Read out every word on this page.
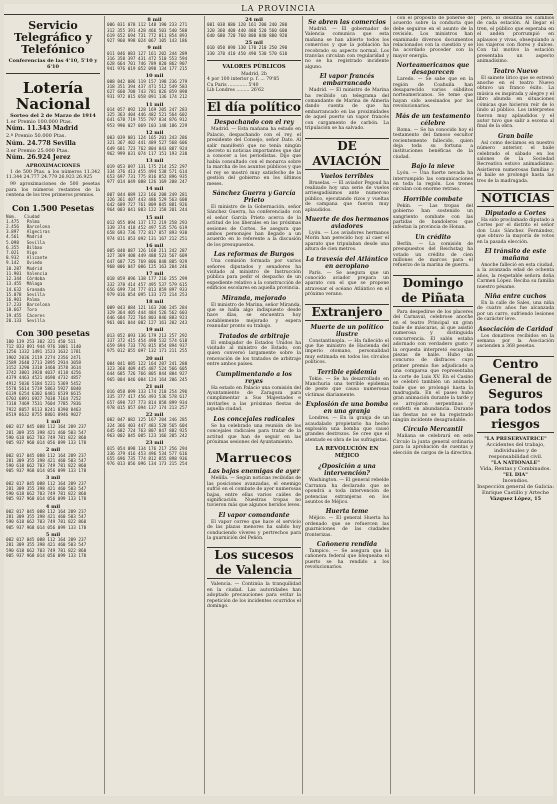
LA PROVINCIA
Servicio Telegráfico y Telefónico
Conferencias de las 4'10, 5'10 y 6'10
Lotería Nacional
Sorteo del 2 de Marzo de 1914
1.er Premio 100.000 Ptas.
Núm. 11.343 Madrid
2.º Premio 50.000 Ptas.
Núm. 24.778 Sevilla
3.er Premio 25.000 Ptas.
Núm. 26.924 Jerez
APROXIMACIONES

1 de 500 Ptas. a los números 11.342 11.344 24.777 24.779 26.923 26.925

99 aproximaciones de 500 pesetas para los números restantes de la centena de los tres primeros premios.

Con 1.500 Pesetas
Núm.   Ciudad
1.475   Palma
2.456   Barcelona
3.897   Algeciras
4.561   Madrid
5.098   Sevilla
6.355   Bilbao
7.021   Vigo
8.932   Alicante
9.142   Oviedo
10.287  Madrid
11.901  Valencia
12.344  Córdoba
13.455  Málaga
14.632  Granada
15.078  Sevilla
16.901  Palma
17.233  Barcelona
18.667  Toro
19.455  Cáceres
20.133  Sevilla
Con 300 pesetas
100 139 253 302 321 450 511
712 833 891 944 976 1001 1140
1256 1332 1491 1523 1632 1781
1902 2036 2119 2274 2356 2471
2589 2640 2713 2895 2934 3058
3152 3290 3318 3460 3578 3614
3742 3801 3928 4037 4118 4256
4379 4463 4521 4690 4732 4857
4912 5036 5184 5221 5369 5452
5578 5614 5739 5863 5927 6040
6139 6254 6302 6481 6539 6615
6703 6891 6927 7038 7164 7252
7318 7469 7531 7604 7785 7836
7922 8057 8113 8241 8390 8463
8519 8632 8755 8801 8946 9027
1 mil
002 017 045 088 112 164 209 237
281 309 355 398 421 460 503 547
590 618 662 703 749 781 822 860
905 937 968 014 056 099 133 178
2 mil
002 017 045 088 112 164 209 237
281 309 355 398 421 460 503 547
590 618 662 703 749 781 822 860
905 937 968 014 056 099 133 178
3 mil
002 017 045 088 112 164 209 237
281 309 355 398 421 460 503 547
590 618 662 703 749 781 822 860
905 937 968 014 056 099 133 178
4 mil
002 017 045 088 112 164 209 237
281 309 355 398 421 460 503 547
590 618 662 703 749 781 822 860
905 937 968 014 056 099 133 178
5 mil
002 017 045 088 112 164 209 237
281 309 355 398 421 460 503 547
590 618 662 703 749 781 822 860
905 937 968 014 056 099 133 178
8 mil
006 031 078 112 148 190 233 271
312 355 391 428 466 503 540 588
619 652 694 731 772 811 854 893
927 960 998 024 067 105 143 186
9 mil
011 046 083 127 161 202 244 289
316 358 397 431 472 510 553 594
628 664 701 746 789 820 862 907
941 976 019 052 098 134 177 215
10 mil
008 042 086 119 157 198 236 279
318 351 394 437 471 512 549 583
627 660 708 743 781 826 859 898
931 972 015 058 091 136 174 212
11 mil
014 057 092 128 169 205 247 283
325 363 404 446 482 521 564 602
641 678 719 755 797 834 876 912
953 990 027 069 103 148 186 229
12 mil
003 039 081 124 165 201 243 286
321 367 402 441 489 527 568 606
649 681 723 762 804 843 887 924
962 999 031 074 117 151 193 238
13 mil
019 053 097 131 175 214 252 297
334 376 413 455 494 538 571 614
653 697 731 775 816 852 896 935
977 014 049 088 126 169 208 247
14 mil
007 044 089 123 166 208 249 281
326 361 407 443 486 529 563 608
642 689 727 761 809 845 881 926
964 003 041 083 122 158 201 244
15 mil
012 055 094 137 172 219 258 293
339 374 418 452 497 535 576 619
658 693 736 772 817 857 893 938
974 011 053 092 131 167 212 251
16 mil
005 048 087 126 168 211 242 287
327 369 408 449 488 523 567 609
647 687 725 769 806 848 885 929
968 006 047 086 125 163 204 246
17 mil
018 059 096 138 177 216 255 299
332 378 414 457 495 537 579 615
656 699 734 777 813 859 897 933
979 016 054 095 133 172 214 253
18 mil
009 043 084 121 163 206 245 284
329 364 405 444 484 526 562 603
646 684 722 764 803 846 883 923
961 001 044 082 127 161 202 243
19 mil
013 052 093 136 179 213 257 292
337 372 415 454 498 532 574 618
659 694 733 776 815 854 894 937
975 012 055 097 132 171 211 255
20 mil
004 041 085 122 164 207 241 288
323 368 409 445 487 524 566 605
644 685 726 766 805 844 884 927
965 004 046 084 124 164 206 245
21 mil
016 058 099 133 174 218 254 296
335 377 417 456 493 536 578 617
657 698 737 773 814 858 899 934
978 015 057 094 137 174 213 257
22 mil
002 047 082 125 167 204 246 285
324 366 403 447 483 528 565 604
645 682 724 763 807 847 882 925
963 002 045 085 123 166 205 242
23 mil
015 054 098 134 176 217 256 294
336 379 416 453 496 534 577 616
655 696 735 774 812 855 898 936
976 013 056 096 134 173 215 254
24 mil
001 038 080 120 161 200 240 280
320 360 400 440 480 520 560 600
640 680 720 760 800 840 880 920
25 mil
010 050 090 130 170 210 250 290
330 370 410 450 490 530 570 610
VALORES PÚBLICOS
Madrid, 2b
4 por 100 interior p. f. ... 79'85
Cu Paris ............. 5'40
Lib Londres ......... 26'62
El día político
Despachando con el rey

Madrid. — Esta mañana ha estado en Palacio, despachando con el rey, el presidente del Consejo, señor Dato. Al salir manifestó que no tenía ningún decreto ni noticias importantes que dar a conocer a los periodistas. Dijo que había consultado con el monarca sobre la marcha de los asuntos públicos y que el rey se mostró muy satisfecho de la gestión del gobierno en los últimos meses.

Sánchez Guerra y García Prieto

El ministro de la Gobernación, señor Sánchez Guerra, ha conferenciado con el señor García Prieto acerca de la actitud de los liberales en las próximas sesiones de Cortes. Se asegura que ambos personajes han llegado a un acuerdo en lo referente a la discusión de los presupuestos.

Las reformas de Burgos

Una comisión formada por varios señores diputados y senadores ha visitado al ministro de Instrucción pública para pedir el despacho de un expediente relativo a la construcción de edificios escolares en aquella provincia.

Miranda, mejorado

El ministro de Marina, señor Miranda, que se halla algo indispuesto desde hace días, se encuentra hoy notablemente mejorado y espera reanudar pronto su trabajo.

Tratados de arbitraje

El embajador de Estados Unidos ha visitado al ministro de Estado, con quien conversó largamente sobre la renovación de los tratados de arbitraje entre ambos países.

Cumplimentando a los reyes

Ha estado en Palacio una comisión del Ayuntamiento de Zaragoza para cumplimentar a Sus Majestades e invitarles a las próximas fiestas de aquella ciudad.

Los concejales radicales

Se ha celebrado una reunión de los concejales radicales para tratar de la actitud que han de seguir en las próximas sesiones del Ayuntamiento.

Marruecos
Las bajas enemigas de ayer

Melilla. — Según noticias recibidas de las posiciones avanzadas, el enemigo sufrió en el combate de ayer numerosas bajas, entre ellas varios caídes de significación. Nuestras tropas no tuvieron más que algunos heridos leves.

El vapor comandante

El vapor correo que hace el servicio de las plazas menores ha salido hoy conduciendo víveres y pertrechos para la guarnición del Peñón.

Los sucesos de Valencia

Valencia. — Continúa la tranquilidad en la ciudad. Las autoridades han adoptado precauciones para evitar la repetición de los incidentes ocurridos el domingo.

Se abren las comercios

Madrid. — El gobernador de Valencia comunica que esta mañana se han abierto todos los comercios y que la población ha recobrado su aspecto normal. Los tranvías circulan con regularidad y no se ha registrado incidente alguno.

El vapor francés embarrancado

Madrid. — El ministro de Marina ha recibido un telegrama del comandante de Marina de Almería dando cuenta de que ha embarrancado en las proximidades de aquel puerto un vapor francés con cargamento de carbón. La tripulación se ha salvado.

DE AVIACIÓN
Vuelos terribles

Bruselas. — El aviador Pegoud ha realizado hoy una serie de vuelos arriesgadísimos ante numeroso público, ejecutando rizos y vueltas de campana que fueron muy aplaudidos.

Muerte de dos hermanos aviadores

Lyón. — Los aviadores hermanos Morin han perecido hoy al caer el aparato que tripulaban desde una altura de cien metros.

La travesía del Atlántico en aeroplano

París. — Se asegura que un conocido aviador prepara un aparato con el que se propone atravesar el océano Atlántico en el próximo verano.

Extranjero
Muerte de un político ilustre

Constantinopla. — Ha fallecido el que fue ministro de Hacienda del imperio otomano, personalidad muy estimada en todos los círculos políticos.

Terrible epidemia

Tokio. — Se ha desarrollado en Manchuria una terrible epidemia de peste que causa numerosas víctimas diariamente.

Explosión de una bomba en una granja

Londres. — En la granja de un acaudalado propietario ha hecho explosión una bomba que causó grandes destrozos. Se cree que el atentado es obra de las sufragistas.

LA REVOLUCIÓN EN MÉJICO
¿Oposición a una intervención?

Washington. — El general rebelde Carranza ha declarado que se opondrá a toda intervención de potencias extranjeras en los asuntos de Méjico.

Huerta teme

Méjico. — El general Huerta ha ordenado que se refuercen las guarniciones de las ciudades fronterizas.

Cañonera rendida

Tampico. — Se asegura que la cañonera federal que bloqueaba el puerto se ha rendido a los revolucionarios.

con el propósito de ponerse de acuerdo sobre la conducta que debe seguirse en el asunto de la revisión. Los ministros han examinado diversos documentos relacionados con la cuestión y se ha acordado proceder con la mayor energía.

Norteamericanos que desaparecen

Laredo. — Se sabe que en la región de Coahuila han desaparecido varios súbditos norteamericanos. Se teme que hayan sido asesinados por los revolucionarios.

Más de un testamento célebre

Roma. — Se ha conocido hoy el testamento del famoso escultor recientemente fallecido, quien deja toda su fortuna a instituciones benéficas de la ciudad.

Bajo la nieve

Lyón. — Una fuerte nevada ha interrumpido las comunicaciones en toda la región. Los trenes circulan con enorme retraso.

Horrible combate

Pekín. — Las tropas del gobierno han sostenido un sangriento combate con las partidas de bandoleros que infestan la provincia de Honan.

Un crédito

Berlín. — La comisión de presupuestos del Reichstag ha votado un crédito de cien millones de marcos para el refuerzo de la marina de guerra.

Domingo de Piñata

Para despedirse de los placeres del Carnaval, celebrose anoche en el teatro Principal un gran baile de máscaras, al que asistió numerosa y distinguida concurrencia. El salón estaba adornado con verdadero gusto y la orquesta interpretó escogidas piezas de baile. Hubo un concurso de disfraces cuyo primer premio fue adjudicado a una comparsa que representaba la corte de Luis XV. En el Casino se celebró también un animado baile que se prolongó hasta la madrugada. En el paseo hubo gran animación durante la tarde y se arrojaron serpentinas y confetti en abundancia. Durante las fiestas no se ha registrado ningún incidente desagradable.

Círculo Mercantil

Mañana se celebrará en este Círculo la junta general ordinaria para la aprobación de cuentas y elección de cargos de la directiva.

pero, lo desafina los cambios de cada estación. Al llegar el tren, el público que esperaba en el andén prorrumpió en aplausos y vivas, obsequiando a los viajeros con flores y dulces. Con tal motivo la estación presentaba un aspecto animadísimo.

Teatro Nuevo

El sainete lírico que se estrenó anoche en el teatro Nuevo obtuvo un franco éxito. La música es inspirada y alegre y el libro abunda en situaciones cómicas que hicieron reír de lo lindo al público. Los intérpretes fueron muy aplaudidos y el autor tuvo que salir a escena al final de la obra.

Gran baile

Así como decíamos en nuestro número anterior, el baile celebrado el sábado en los salones de la Sociedad Recreativa estuvo animadísimo. Asistieron numerosas familias y el baile se prolongó hasta las tres de la madrugada.

NOTICIAS
Diputado a Cortes

Ha sido proclamado diputado a Cortes por el distrito el señor don Luis Sánchez Fernández, que obtuvo la mayoría de votos en la pasada elección.

El tránsito de este mañana

Anoche falleció en esta ciudad, a la avanzada edad de ochenta años, la respetable señora doña Carmen López. Reciba su familia nuestro pésame.

Niña entre cuchos

En la calle de Sales, una niña de cuatro años fue alcanzada por un carro, sufriendo lesiones de carácter leve.

Asociación de Caridad

Los donativos recibidos en la semana por la Asociación ascienden a 368 pesetas.

Centro General de Seguros para todos riesgos
"LA PRESERVATRICE"
Accidentes del trabajo, individuales y de responsabilidad civil.
"LA NATIONALE"
Vida, Rentas y Combinados.
"EL DIA"
Incendios.
Inspección general de Galicia: Enrique Castillo y Arteche
Vázquez López, 15
